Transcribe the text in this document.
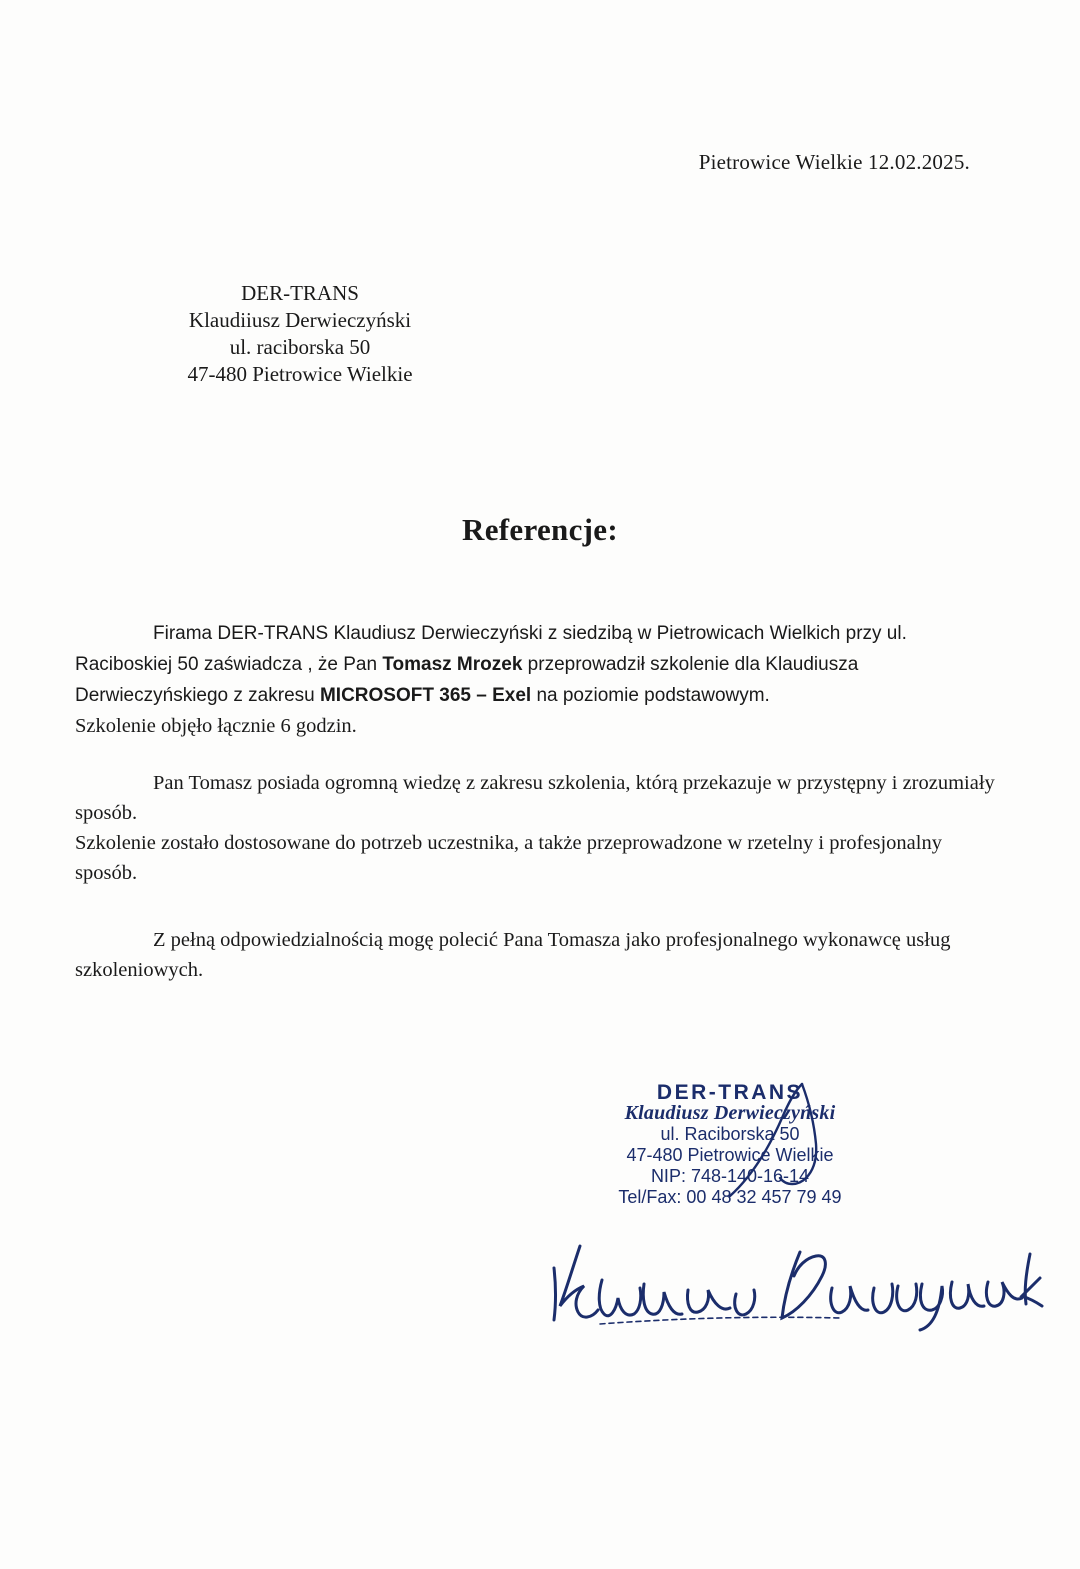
Pietrowice Wielkie 12.02.2025.
DER-TRANS
Klaudiiusz Derwieczyński
ul. raciborska 50
47-480 Pietrowice Wielkie
Referencje:
Firama DER-TRANS Klaudiusz Derwieczyński z siedzibą w Pietrowicach Wielkich przy ul. Raciboskiej 50 zaświadcza , że Pan Tomasz Mrozek przeprowadził szkolenie dla Klaudiusza Derwieczyńskiego z zakresu MICROSOFT 365 – Exel na poziomie podstawowym.
Szkolenie objęło łącznie 6 godzin.
Pan Tomasz posiada ogromną wiedzę z zakresu szkolenia, którą przekazuje w przystępny i zrozumiały sposób.
Szkolenie zostało dostosowane do potrzeb uczestnika, a także przeprowadzone w rzetelny i profesjonalny sposób.
Z pełną odpowiedzialnością mogę polecić Pana Tomasza jako profesjonalnego wykonawcę usług szkoleniowych.
DER-TRANS
Klaudiusz Derwieczyński
ul. Raciborska 50
47-480 Pietrowice Wielkie
NIP: 748-140-16-14
Tel/Fax: 00 48 32 457 79 49
